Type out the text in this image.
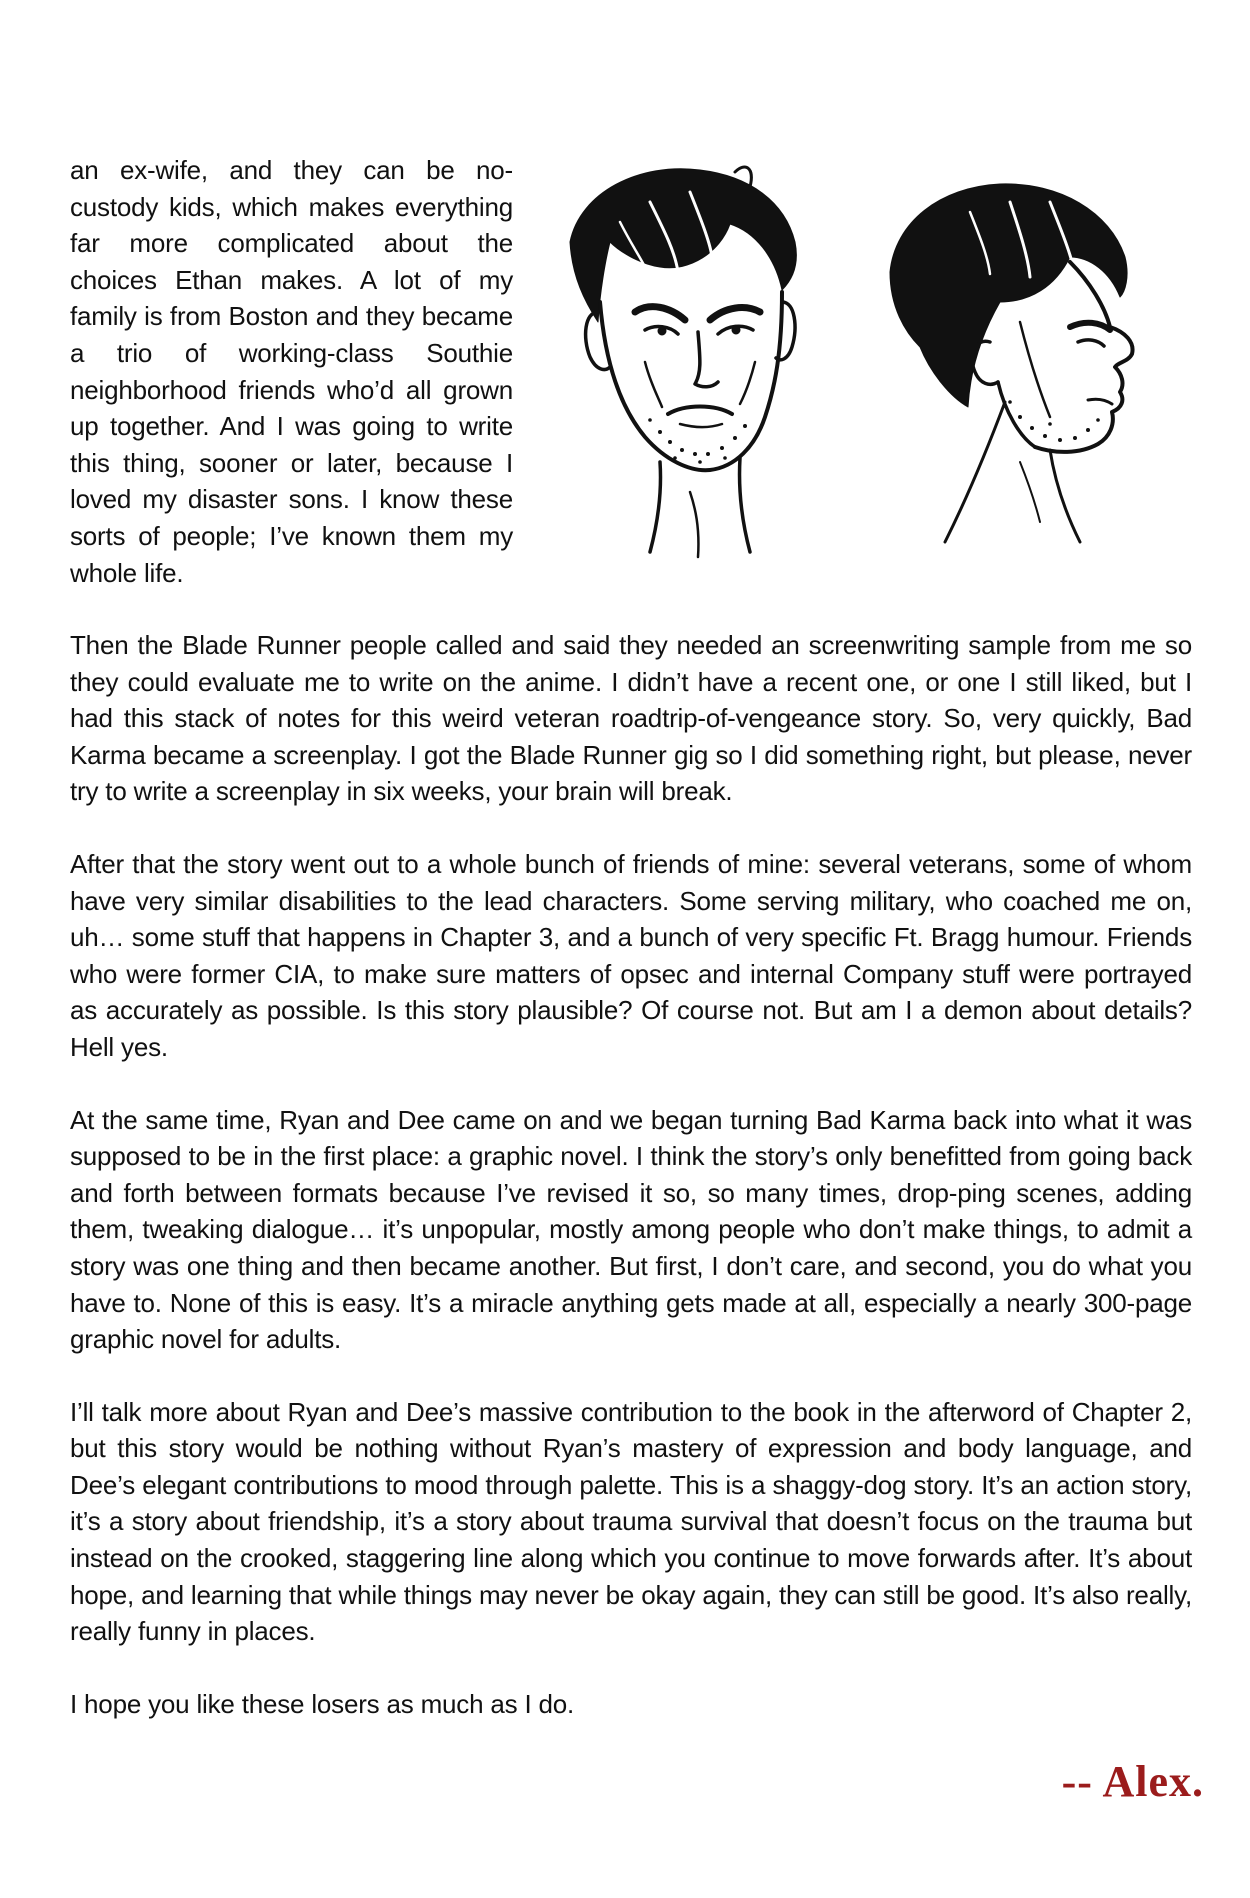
an ex-wife, and they can be no-custody kids, which makes everything far more complicated about the choices Ethan makes. A lot of my family is from Boston and they became a trio of working-class Southie neighborhood friends who’d all grown up together. And I was going to write this thing, sooner or later, because I loved my disaster sons. I know these sorts of people; I’ve known them my whole life.

Then the Blade Runner people called and said they needed an screenwriting sample from me so they could evaluate me to write on the anime. I didn’t have a recent one, or one I still liked, but I had this stack of notes for this weird veteran roadtrip-of-vengeance story. So, very quickly, Bad Karma became a screenplay. I got the Blade Runner gig so I did something right, but please, never try to write a screenplay in six weeks, your brain will break.

After that the story went out to a whole bunch of friends of mine: several veterans, some of whom have very similar disabilities to the lead characters. Some serving military, who coached me on, uh… some stuff that happens in Chapter 3, and a bunch of very specific Ft. Bragg humour. Friends who were former CIA, to make sure matters of opsec and internal Company stuff were portrayed as accurately as possible. Is this story plausible? Of course not. But am I a demon about details? Hell yes.

At the same time, Ryan and Dee came on and we began turning Bad Karma back into what it was supposed to be in the first place: a graphic novel. I think the story’s only benefitted from going back and forth between formats because I’ve revised it so, so many times, drop-ping scenes, adding them, tweaking dialogue… it’s unpopular, mostly among people who don’t make things, to admit a story was one thing and then became another. But first, I don’t care, and second, you do what you have to. None of this is easy. It’s a miracle anything gets made at all, especially a nearly 300-page graphic novel for adults.

I’ll talk more about Ryan and Dee’s massive contribution to the book in the afterword of Chapter 2, but this story would be nothing without Ryan’s mastery of expression and body language, and Dee’s elegant contributions to mood through palette. This is a shaggy-dog story. It’s an action story, it’s a story about friendship, it’s a story about trauma survival that doesn’t focus on the trauma but instead on the crooked, staggering line along which you continue to move forwards after. It’s about hope, and learning that while things may never be okay again, they can still be good. It’s also really, really funny in places.

I hope you like these losers as much as I do.

-- Alex.
